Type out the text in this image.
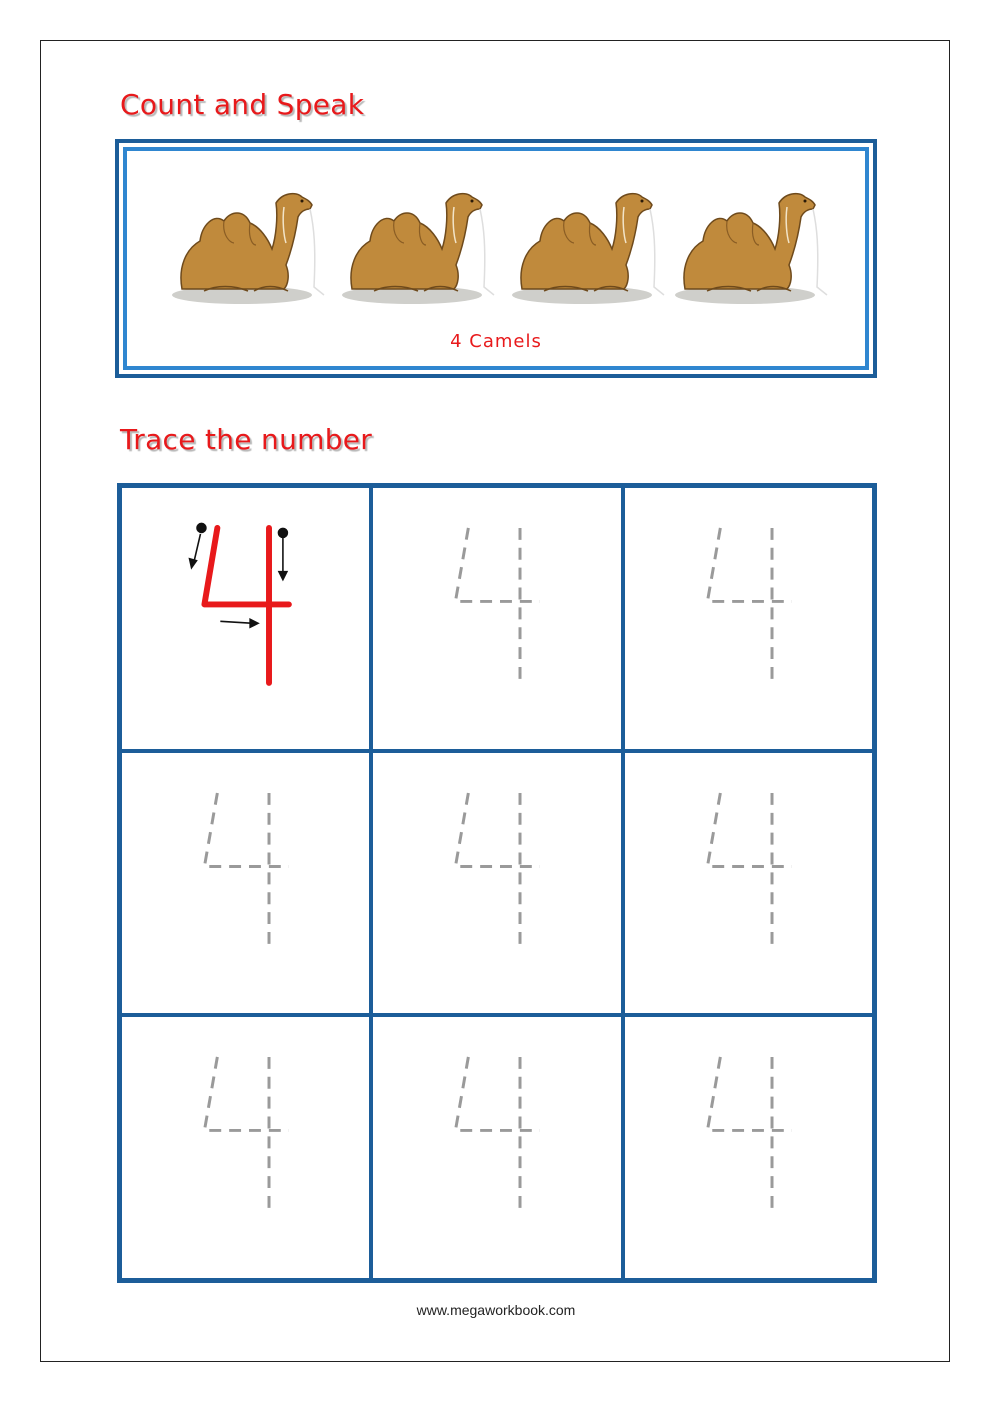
Count and Speak
4 Camels
Trace the number
www.megaworkbook.com
